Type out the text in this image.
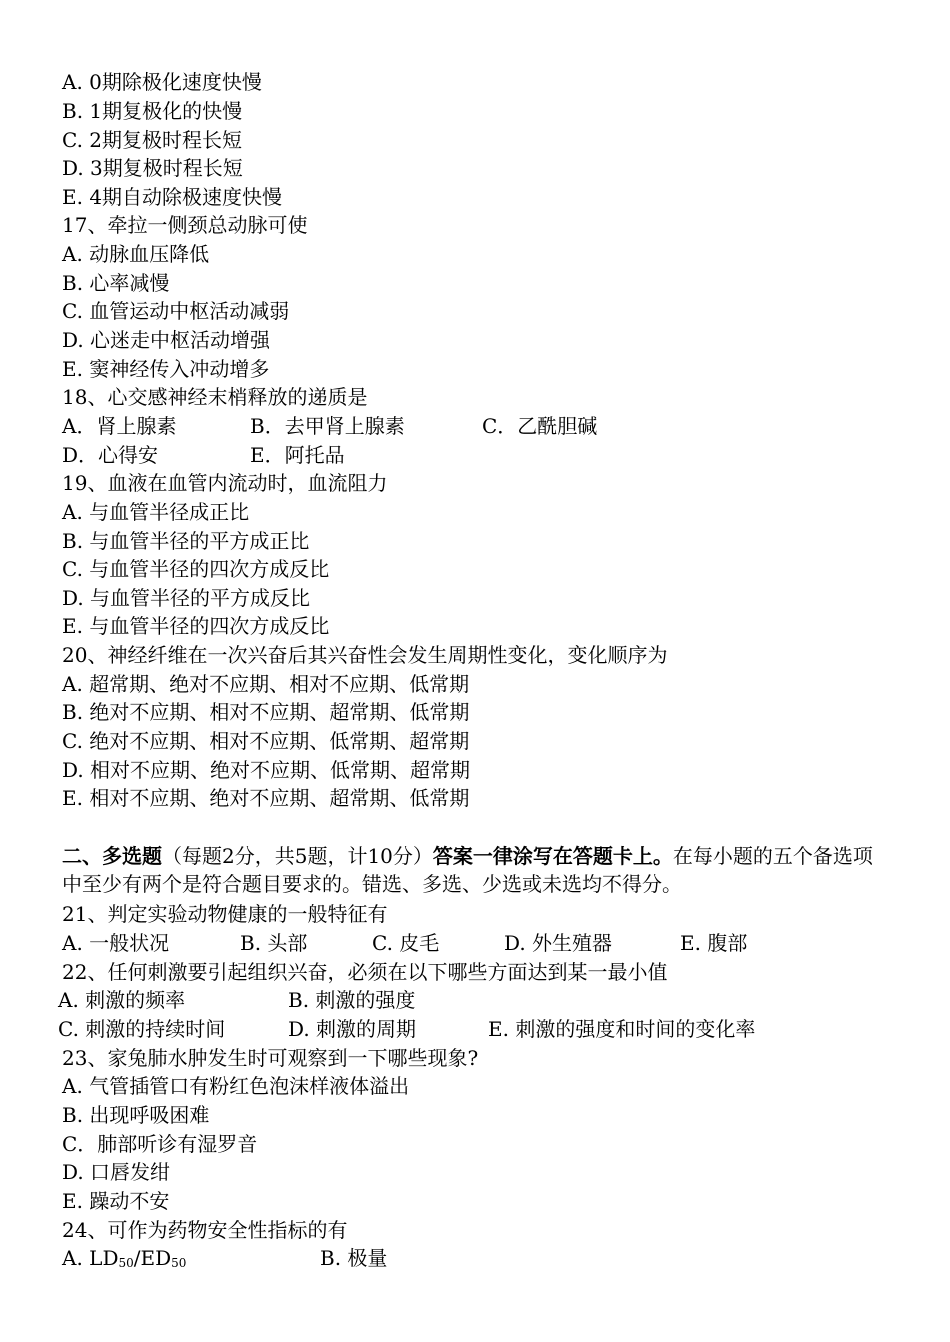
A. 0期除极化速度快慢
B. 1期复极化的快慢
C. 2期复极时程长短
D. 3期复极时程长短
E. 4期自动除极速度快慢
17、牵拉一侧颈总动脉可使
A. 动脉血压降低
B. 心率减慢
C. 血管运动中枢活动减弱
D. 心迷走中枢活动增强
E. 窦神经传入冲动增多
18、心交感神经末梢释放的递质是
A．肾上腺素	B．去甲肾上腺素	C．乙酰胆碱
D．心得安	E．阿托品
19、血液在血管内流动时，血流阻力
A. 与血管半径成正比
B. 与血管半径的平方成正比
C. 与血管半径的四次方成反比
D. 与血管半径的平方成反比
E. 与血管半径的四次方成反比
20、神经纤维在一次兴奋后其兴奋性会发生周期性变化，变化顺序为
A. 超常期、绝对不应期、相对不应期、低常期
B. 绝对不应期、相对不应期、超常期、低常期
C. 绝对不应期、相对不应期、低常期、超常期
D. 相对不应期、绝对不应期、低常期、超常期
E. 相对不应期、绝对不应期、超常期、低常期
二、多选题（每题2分，共5题，计10分）答案一律涂写在答题卡上。在每小题的五个备选项中至少有两个是符合题目要求的。错选、多选、少选或未选均不得分。
21、判定实验动物健康的一般特征有
A. 一般状况	B. 头部	C. 皮毛	D. 外生殖器	E. 腹部
22、任何刺激要引起组织兴奋，必须在以下哪些方面达到某一最小值
A. 刺激的频率	B. 刺激的强度
C. 刺激的持续时间	D. 刺激的周期	E. 刺激的强度和时间的变化率
23、家兔肺水肿发生时可观察到一下哪些现象?
A. 气管插管口有粉红色泡沫样液体溢出
B. 出现呼吸困难
C．肺部听诊有湿罗音
D. 口唇发绀
E. 躁动不安
24、可作为药物安全性指标的有
A. $LD_{50}/ED_{50}$	B. 极量
